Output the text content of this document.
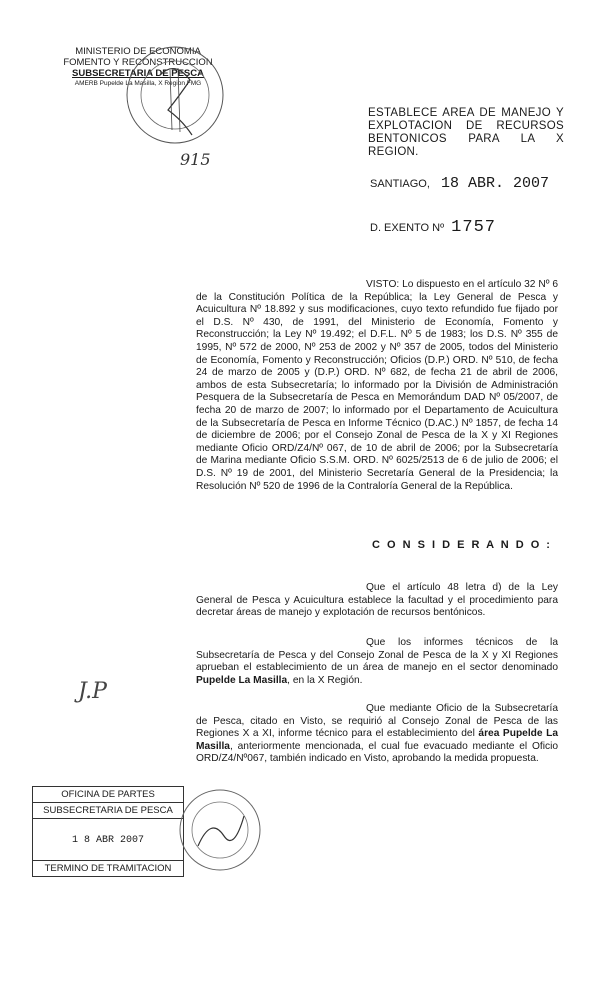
MINISTERIO DE ECONOMIA
FOMENTO Y RECONSTRUCCION
SUBSECRETARIA DE PESCA
AMERB Pupelde La Masilla, X Region FMG
915
ESTABLECE AREA DE MANEJO Y EXPLOTACION DE RECURSOS BENTONICOS PARA LA X REGION.
SANTIAGO, 18 ABR. 2007
D. EXENTO Nº 1757
VISTO: Lo dispuesto en el artículo 32 Nº 6 de la Constitución Política de la República; la Ley General de Pesca y Acuicultura Nº 18.892 y sus modificaciones, cuyo texto refundido fue fijado por el D.S. Nº 430, de 1991, del Ministerio de Economía, Fomento y Reconstrucción; la Ley Nº 19.492; el D.F.L. Nº 5 de 1983; los D.S. Nº 355 de 1995, Nº 572 de 2000, Nº 253 de 2002 y Nº 357 de 2005, todos del Ministerio de Economía, Fomento y Reconstrucción; Oficios (D.P.) ORD. Nº 510, de fecha 24 de marzo de 2005 y (D.P.) ORD. Nº 682, de fecha 21 de abril de 2006, ambos de esta Subsecretaría; lo informado por la División de Administración Pesquera de la Subsecretaría de Pesca en Memorándum DAD Nº 05/2007, de fecha 20 de marzo de 2007; lo informado por el Departamento de Acuicultura de la Subsecretaría de Pesca en Informe Técnico (D.AC.) Nº 1857, de fecha 14 de diciembre de 2006; por el Consejo Zonal de Pesca de la X y XI Regiones mediante Oficio ORD/Z4/Nº 067, de 10 de abril de 2006; por la Subsecretaría de Marina mediante Oficio S.S.M. ORD. Nº 6025/2513 de 6 de julio de 2006; el D.S. Nº 19 de 2001, del Ministerio Secretaría General de la Presidencia; la Resolución Nº 520 de 1996 de la Contraloría General de la República.
C O N S I D E R A N D O :
Que el artículo 48 letra d) de la Ley General de Pesca y Acuicultura establece la facultad y el procedimiento para decretar áreas de manejo y explotación de recursos bentónicos.
Que los informes técnicos de la Subsecretaría de Pesca y del Consejo Zonal de Pesca de la X y XI Regiones aprueban el establecimiento de un área de manejo en el sector denominado Pupelde La Masilla, en la X Región.
J.P
Que mediante Oficio de la Subsecretaría de Pesca, citado en Visto, se requirió al Consejo Zonal de Pesca de las Regiones X a XI, informe técnico para el establecimiento del área Pupelde La Masilla, anteriormente mencionada, el cual fue evacuado mediante el Oficio ORD/Z4/Nº067, también indicado en Visto, aprobando la medida propuesta.
OFICINA DE PARTES
SUBSECRETARIA DE PESCA
1 8 ABR 2007
TERMINO DE TRAMITACION
